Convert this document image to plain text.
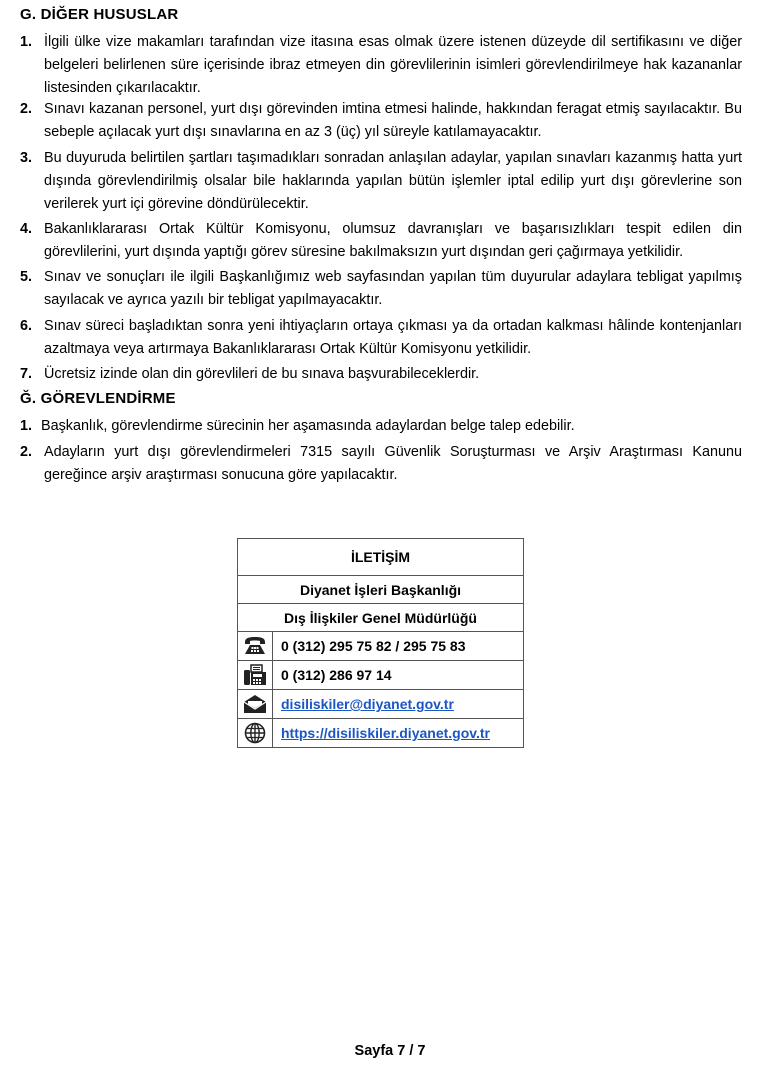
G. DİĞER HUSUSLAR
1. İlgili ülke vize makamları tarafından vize itasına esas olmak üzere istenen düzeyde dil sertifikasını ve diğer belgeleri belirlenen süre içerisinde ibraz etmeyen din görevlilerinin isimleri görevlendirilmeye hak kazananlar listesinden çıkarılacaktır.
2. Sınavı kazanan personel, yurt dışı görevinden imtina etmesi halinde, hakkından feragat etmiş sayılacaktır. Bu sebeple açılacak yurt dışı sınavlarına en az 3 (üç) yıl süreyle katılamayacaktır.
3. Bu duyuruda belirtilen şartları taşımadıkları sonradan anlaşılan adaylar, yapılan sınavları kazanmış hatta yurt dışında görevlendirilmiş olsalar bile haklarında yapılan bütün işlemler iptal edilip yurt dışı görevlerine son verilerek yurt içi görevine döndürülecektir.
4. Bakanlıklararası Ortak Kültür Komisyonu, olumsuz davranışları ve başarısızlıkları tespit edilen din görevlilerini, yurt dışında yaptığı görev süresine bakılmaksızın yurt dışından geri çağırmaya yetkilidir.
5. Sınav ve sonuçları ile ilgili Başkanlığımız web sayfasından yapılan tüm duyurular adaylara tebligat yapılmış sayılacak ve ayrıca yazılı bir tebligat yapılmayacaktır.
6. Sınav süreci başladıktan sonra yeni ihtiyaçların ortaya çıkması ya da ortadan kalkması hâlinde kontenjanları azaltmaya veya artırmaya Bakanlıklararası Ortak Kültür Komisyonu yetkilidir.
7. Ücretsiz izinde olan din görevlileri de bu sınava başvurabileceklerdir.
Ğ. GÖREVLENDİRME
1. Başkanlık, görevlendirme sürecinin her aşamasında adaylardan belge talep edebilir.
2. Adayların yurt dışı görevlendirmeleri 7315 sayılı Güvenlik Soruşturması ve Arşiv Araştırması Kanunu gereğince arşiv araştırması sonucuna göre yapılacaktır.
İLETİŞİM	
Diyanet İşleri Başkanlığı	
Dış İlişkiler Genel Müdürlüğü	

	0 (312) 295 75 82 / 295 75 83

	0 (312) 286 97 14

	disiliskiler@diyanet.gov.tr

	https://disiliskiler.diyanet.gov.tr
Sayfa 7 / 7
